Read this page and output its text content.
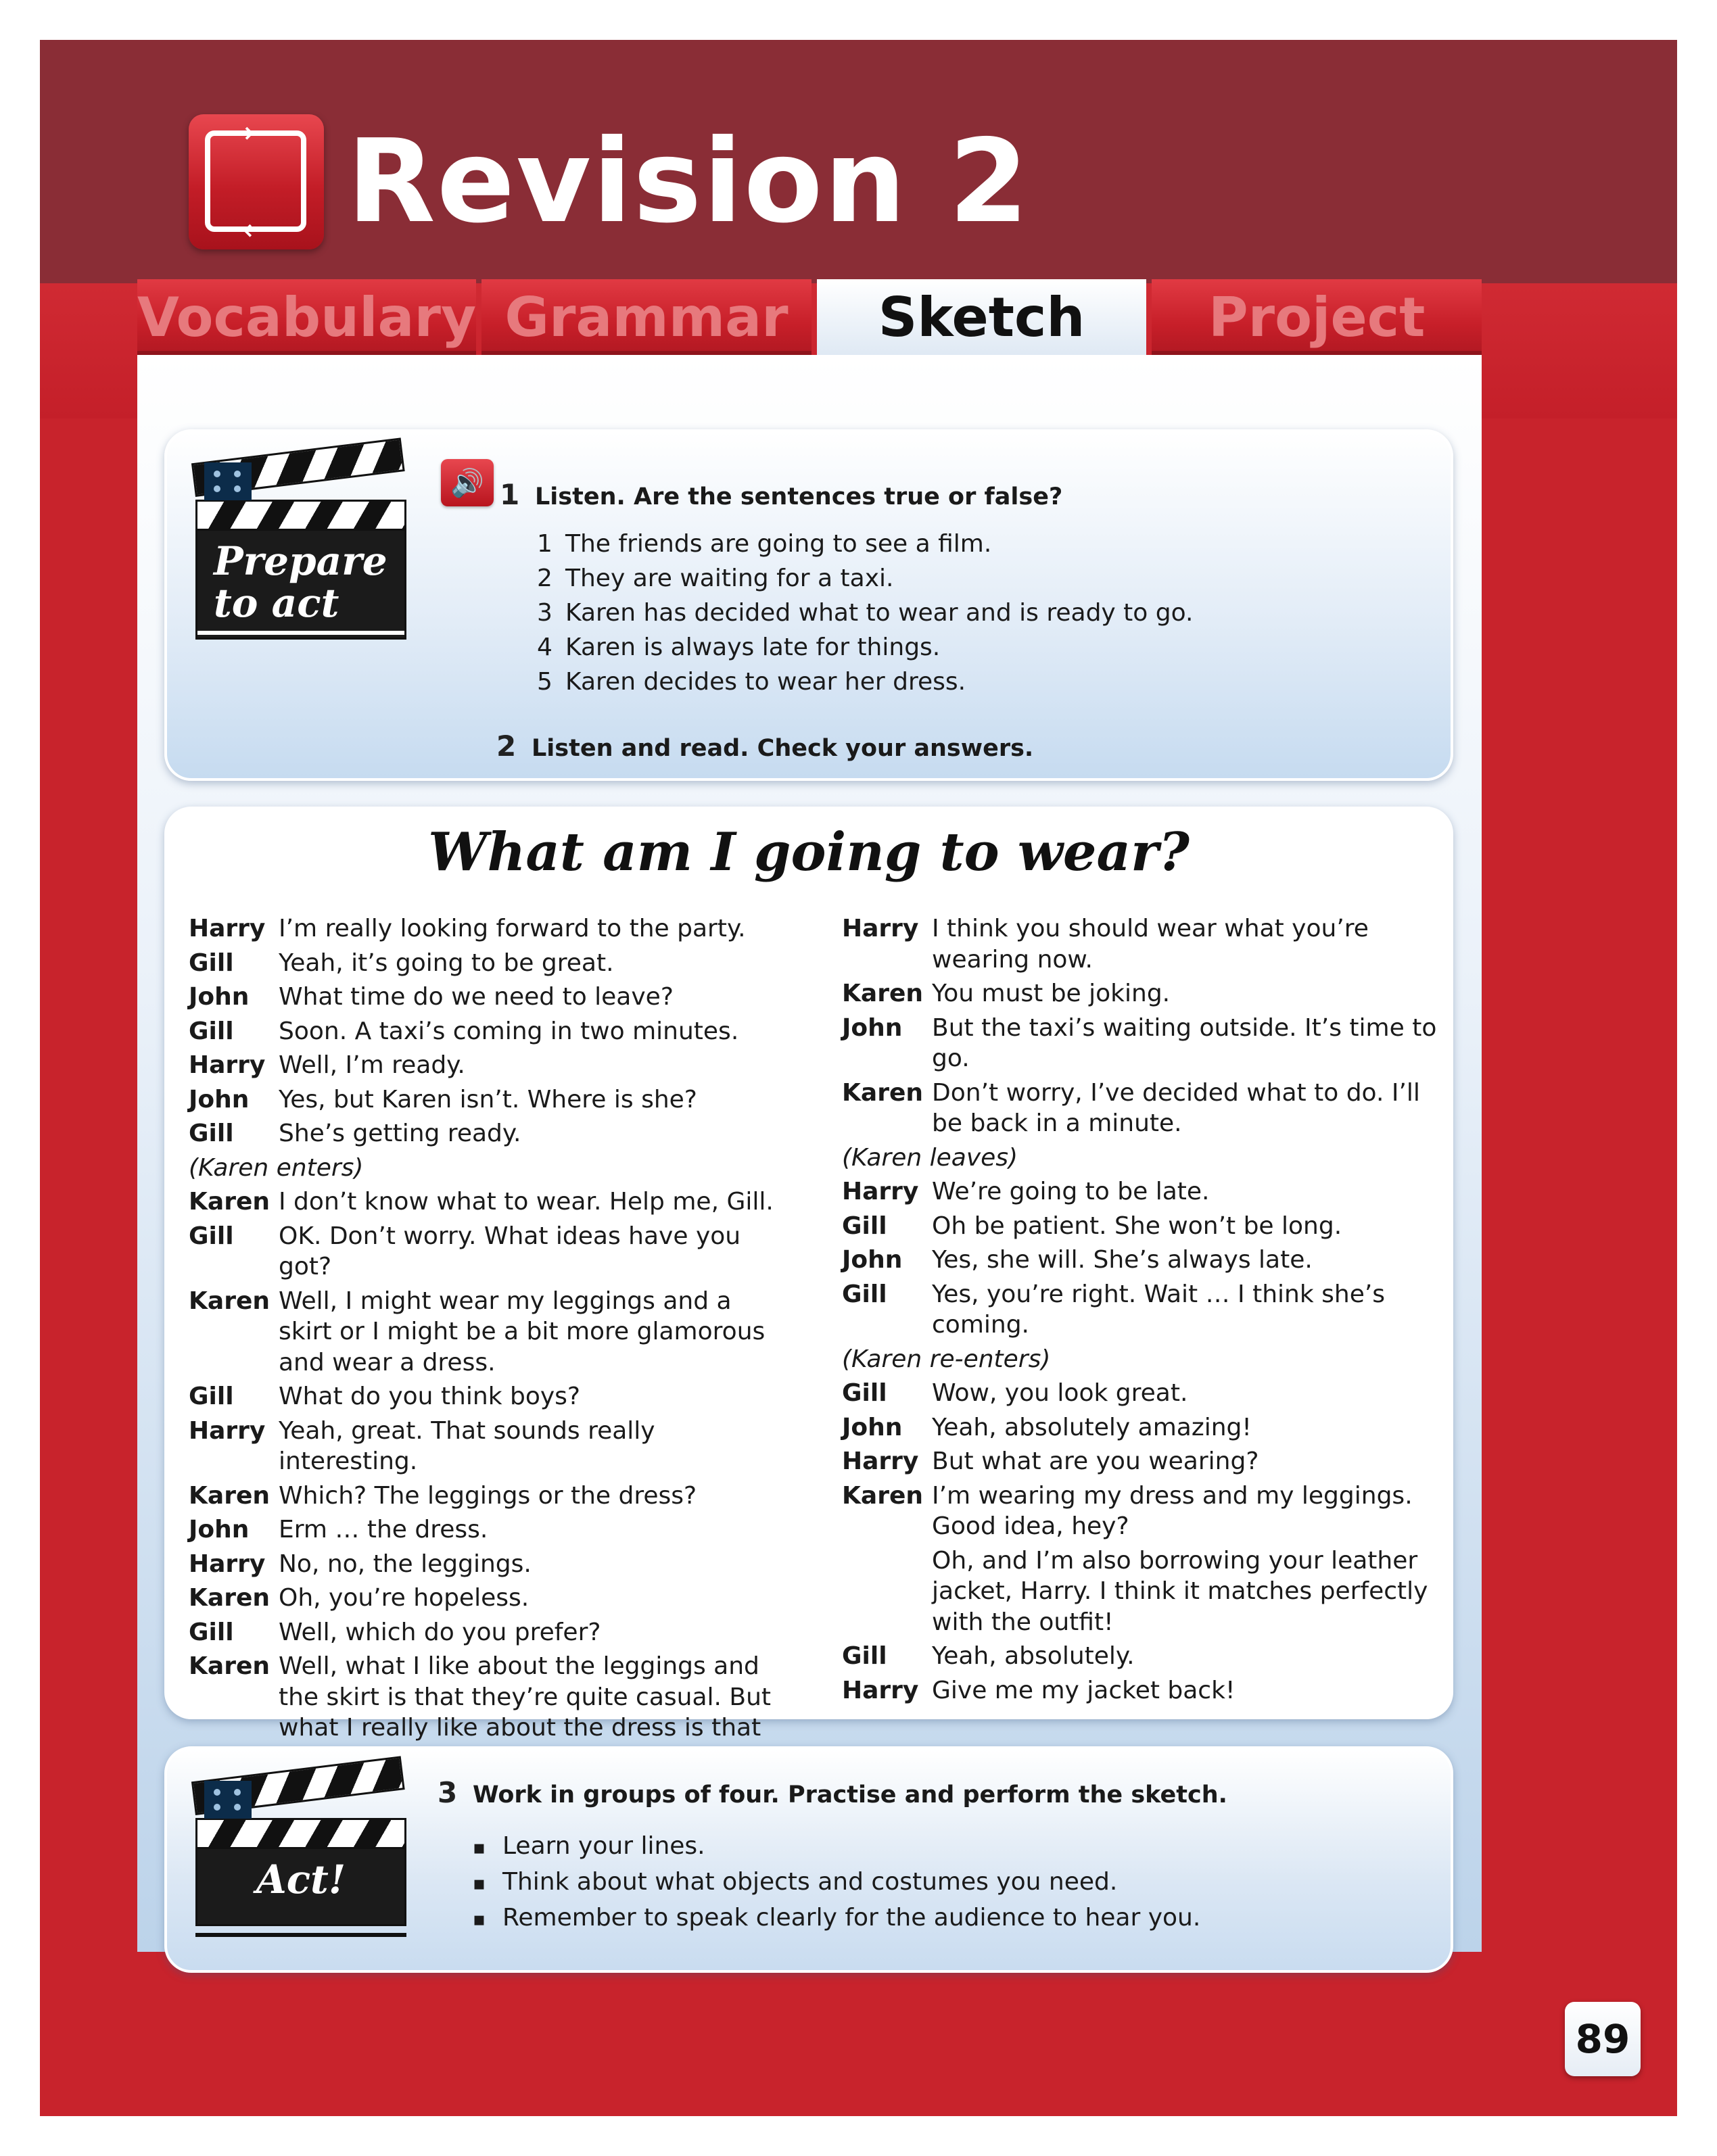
→
← Revision 2
Vocabulary Grammar	Sketch	Project
Prepare
to act
🔊 1 Listen. Are the sentences true or false?
1 The friends are going to see a film.
2 They are waiting for a taxi.
3 Karen has decided what to wear and is ready to go.
4 Karen is always late for things.
5 Karen decides to wear her dress.
2 Listen and read. Check your answers.
What am I going to wear?
Harry I’m really looking forward to the party.
Gill	Yeah, it’s going to be great.
John	What time do we need to leave?
Gill	Soon. A taxi’s coming in two minutes.
Harry Well, I’m ready.
John	Yes, but Karen isn’t. Where is she?
Gill	She’s getting ready.
(Karen enters)
Karen I don’t know what to wear. Help me, Gill.
Gill	OK. Don’t worry. What ideas have you got?
Karen Well, I might wear my leggings and a skirt or I might be a bit more glamorous and wear a dress.
Gill	What do you think boys?
Harry Yeah, great. That sounds really interesting.
Karen Which? The leggings or the dress?
John	Erm … the dress.
Harry No, no, the leggings.
Karen Oh, you’re hopeless.
Gill	Well, which do you prefer?
Karen Well, what I like about the leggings and the skirt is that they’re quite casual. But what I really like about the dress is that
Harry I think you should wear what you’re wearing now.
Karen You must be joking.
John	But the taxi’s waiting outside. It’s time to go.
Karen Don’t worry, I’ve decided what to do. I’ll be back in a minute.
(Karen leaves)
Harry We’re going to be late.
Gill	Oh be patient. She won’t be long.
John	Yes, she will. She’s always late.
Gill	Yes, you’re right. Wait … I think she’s coming.
(Karen re-enters)
Gill	Wow, you look great.
John	Yeah, absolutely amazing!
Harry But what are you wearing?
Karen I’m wearing my dress and my leggings. Good idea, hey?
Oh, and I’m also borrowing your leather jacket, Harry. I think it matches perfectly with the outfit!
Gill	Yeah, absolutely.
Harry Give me my jacket back!
Act!
3 Work in groups of four. Practise and perform the sketch.
▪ Learn your lines.
▪ Think about what objects and costumes you need.
▪ Remember to speak clearly for the audience to hear you.
89
